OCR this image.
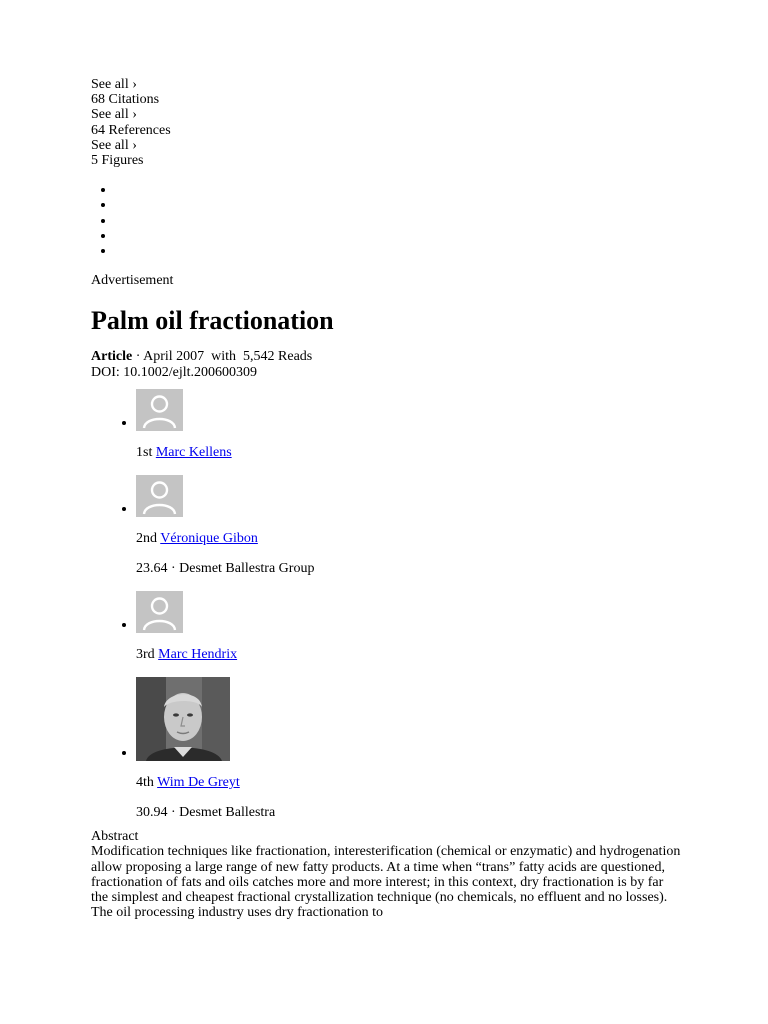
See all ›
68 Citations
See all ›
64 References
See all ›
5 Figures
•
•
•
•
•
Advertisement
Palm oil fractionation
Article · April 2007  with  5,542 Reads
DOI: 10.1002/ejlt.200600309
• 1st Marc Kellens
• 2nd Véronique Gibon
23.64 · Desmet Ballestra Group
• 3rd Marc Hendrix
• 4th Wim De Greyt
30.94 · Desmet Ballestra
Abstract
Modification techniques like fractionation, interesterification (chemical or enzymatic) and hydrogenation allow proposing a large range of new fatty products. At a time when “trans” fatty acids are questioned, fractionation of fats and oils catches more and more interest; in this context, dry fractionation is by far the simplest and cheapest fractional crystallization technique (no chemicals, no effluent and no losses). The oil processing industry uses dry fractionation to
